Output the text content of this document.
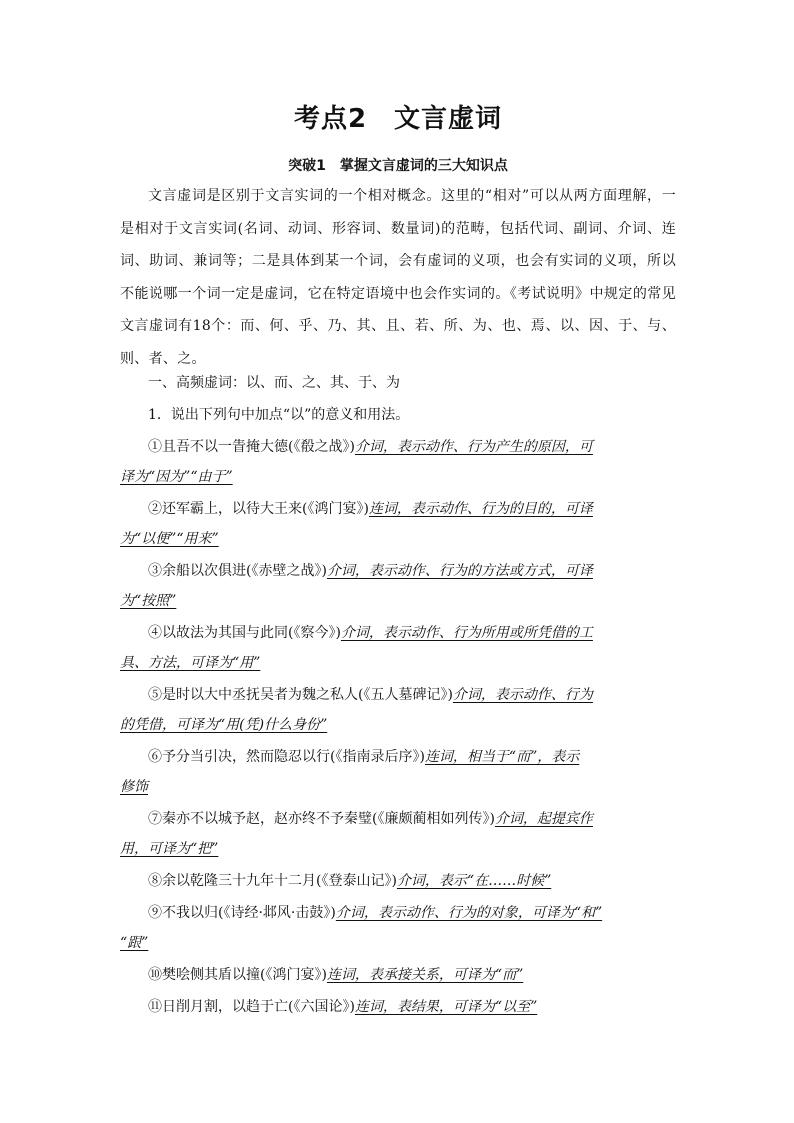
考点2　文言虚词
突破1　掌握文言虚词的三大知识点
文言虚词是区别于文言实词的一个相对概念。这里的“相对”可以从两方面理解，一是相对于文言实词(名词、动词、形容词、数量词)的范畴，包括代词、副词、介词、连词、助词、兼词等；二是具体到某一个词，会有虚词的义项，也会有实词的义项，所以不能说哪一个词一定是虚词，它在特定语境中也会作实词的。《考试说明》中规定的常见文言虚词有18个：而、何、乎、乃、其、且、若、所、为、也、焉、以、因、于、与、则、者、之。
一、高频虚词：以、而、之、其、于、为
1．说出下列句中加点“以”的意义和用法。
①且吾不以一眚掩大德(《殽之战》)介词，表示动作、行为产生的原因，可
译为“因为”“由于”
②还军霸上，以待大王来(《鸿门宴》)连词，表示动作、行为的目的，可译
为“以便”“用来”
③余船以次俱进(《赤壁之战》)介词，表示动作、行为的方法或方式，可译
为“按照”
④以故法为其国与此同(《察今》)介词，表示动作、行为所用或所凭借的工
具、方法，可译为“用”
⑤是时以大中丞抚吴者为魏之私人(《五人墓碑记》)介词，表示动作、行为
的凭借，可译为“用(凭)什么身份”
⑥予分当引决，然而隐忍以行(《指南录后序》)连词，相当于“而”，表示
修饰
⑦秦亦不以城予赵，赵亦终不予秦璧(《廉颇蔺相如列传》)介词，起提宾作
用，可译为“把”
⑧余以乾隆三十九年十二月(《登泰山记》)介词，表示“在……时候”
⑨不我以归(《诗经·邶风·击鼓》)介词，表示动作、行为的对象，可译为“和”
“跟”
⑩樊哙侧其盾以撞(《鸿门宴》)连词，表承接关系，可译为“而”
⑪日削月割，以趋于亡(《六国论》)连词，表结果，可译为“以至”
